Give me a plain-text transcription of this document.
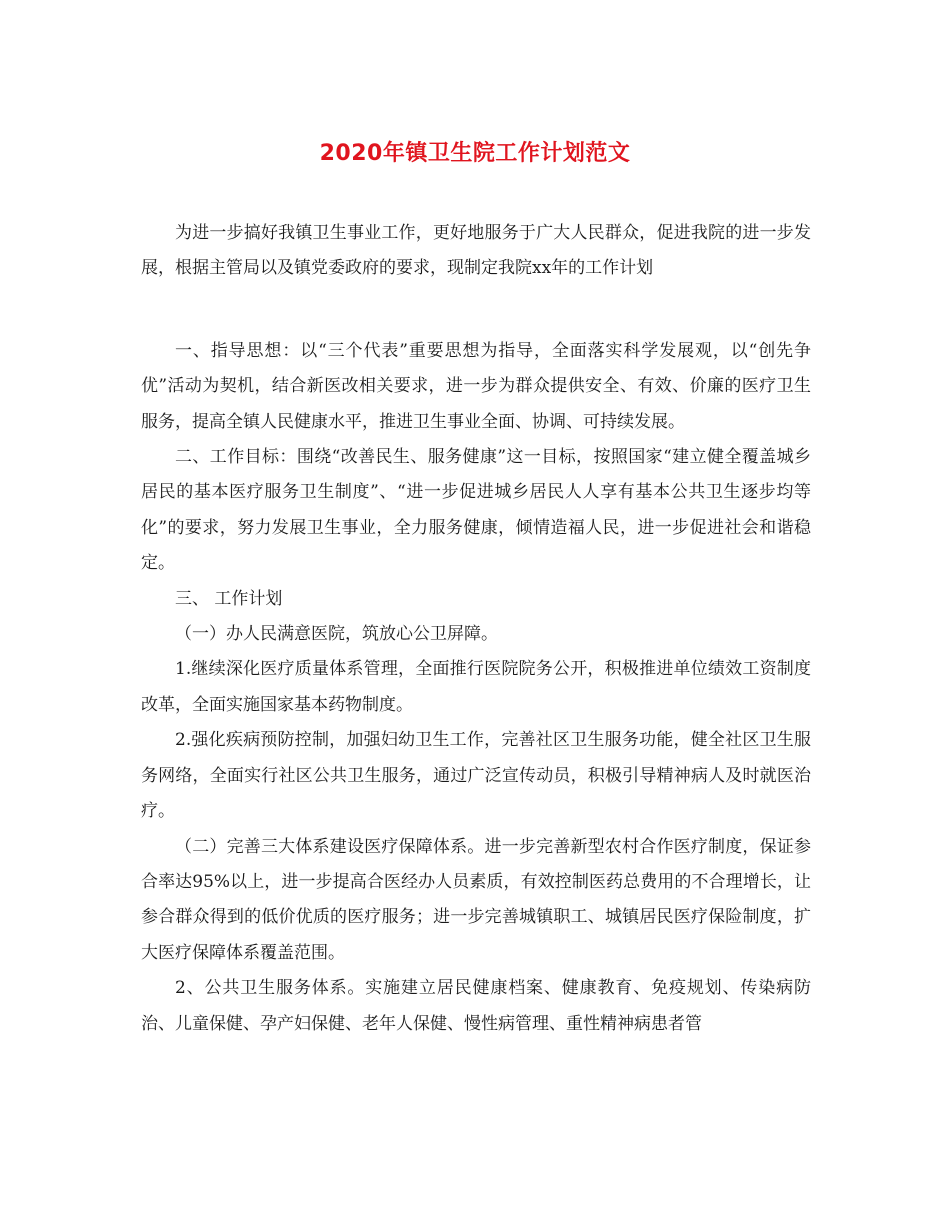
2020年镇卫生院工作计划范文

为进一步搞好我镇卫生事业工作，更好地服务于广大人民群众，促进我院的进一步发展，根据主管局以及镇党委政府的要求，现制定我院xx年的工作计划

一、指导思想：以“三个代表”重要思想为指导，全面落实科学发展观，以“创先争优”活动为契机，结合新医改相关要求，进一步为群众提供安全、有效、价廉的医疗卫生服务，提高全镇人民健康水平，推进卫生事业全面、协调、可持续发展。

二、工作目标：围绕“改善民生、服务健康”这一目标，按照国家“建立健全覆盖城乡居民的基本医疗服务卫生制度”、“进一步促进城乡居民人人享有基本公共卫生逐步均等化”的要求，努力发展卫生事业，全力服务健康，倾情造福人民，进一步促进社会和谐稳定。

三、 工作计划

（一）办人民满意医院，筑放心公卫屏障。

1.继续深化医疗质量体系管理，全面推行医院院务公开，积极推进单位绩效工资制度改革，全面实施国家基本药物制度。

2.强化疾病预防控制，加强妇幼卫生工作，完善社区卫生服务功能，健全社区卫生服务网络，全面实行社区公共卫生服务，通过广泛宣传动员，积极引导精神病人及时就医治疗。

（二）完善三大体系建设医疗保障体系。进一步完善新型农村合作医疗制度，保证参合率达95%以上，进一步提高合医经办人员素质，有效控制医药总费用的不合理增长，让参合群众得到的低价优质的医疗服务；进一步完善城镇职工、城镇居民医疗保险制度，扩大医疗保障体系覆盖范围。

2、公共卫生服务体系。实施建立居民健康档案、健康教育、免疫规划、传染病防治、儿童保健、孕产妇保健、老年人保健、慢性病管理、重性精神病患者管
